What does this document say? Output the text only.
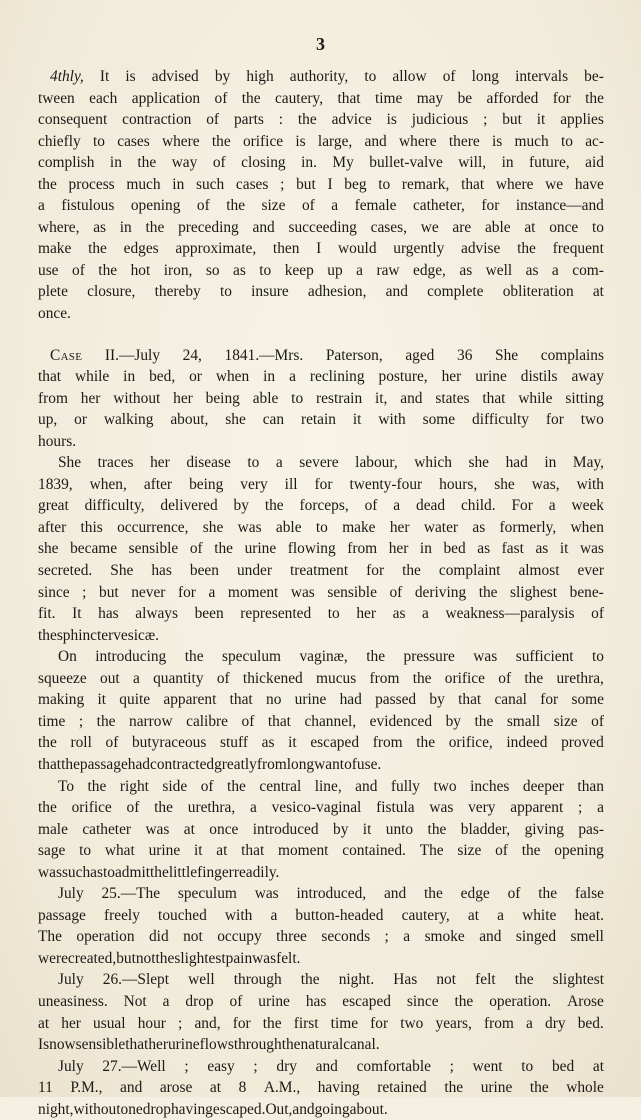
3
4thly, It is advised by high authority, to allow of long intervals be-
tween each application of the cautery, that time may be afforded for the
consequent contraction of parts : the advice is judicious ; but it applies
chiefly to cases where the orifice is large, and where there is much to ac-
complish in the way of closing in. My bullet-valve will, in future, aid
the process much in such cases ; but I beg to remark, that where we have
a fistulous opening of the size of a female catheter, for instance—and
where, as in the preceding and succeeding cases, we are able at once to
make the edges approximate, then I would urgently advise the frequent
use of the hot iron, so as to keep up a raw edge, as well as a com-
plete closure, thereby to insure adhesion, and complete obliteration at
once.
Case II.—July 24, 1841.—Mrs. Paterson, aged 36 She complains
that while in bed, or when in a reclining posture, her urine distils away
from her without her being able to restrain it, and states that while sitting
up, or walking about, she can retain it with some difficulty for two
hours.
She traces her disease to a severe labour, which she had in May,
1839, when, after being very ill for twenty-four hours, she was, with
great difficulty, delivered by the forceps, of a dead child. For a week
after this occurrence, she was able to make her water as formerly, when
she became sensible of the urine flowing from her in bed as fast as it was
secreted. She has been under treatment for the complaint almost ever
since ; but never for a moment was sensible of deriving the slighest bene-
fit. It has always been represented to her as a weakness—paralysis of
the sphincter vesicæ.
On introducing the speculum vaginæ, the pressure was sufficient to
squeeze out a quantity of thickened mucus from the orifice of the urethra,
making it quite apparent that no urine had passed by that canal for some
time ; the narrow calibre of that channel, evidenced by the small size of
the roll of butyraceous stuff as it escaped from the orifice, indeed proved
that the passage had contracted greatly from long want of use.
To the right side of the central line, and fully two inches deeper than
the orifice of the urethra, a vesico-vaginal fistula was very apparent ; a
male catheter was at once introduced by it unto the bladder, giving pas-
sage to what urine it at that moment contained. The size of the opening
was such as to admit the little finger readily.
July 25.—The speculum was introduced, and the edge of the false
passage freely touched with a button-headed cautery, at a white heat.
The operation did not occupy three seconds ; a smoke and singed smell
were created, but not the slightest pain was felt.
July 26.—Slept well through the night. Has not felt the slightest
uneasiness. Not a drop of urine has escaped since the operation. Arose
at her usual hour ; and, for the first time for two years, from a dry bed.
Is now sensible that her urine flows through the natural canal.
July 27.—Well ; easy ; dry and comfortable ; went to bed at
11 P.M., and arose at 8 A.M., having retained the urine the whole
night, without one drop having escaped. Out, and going about.
